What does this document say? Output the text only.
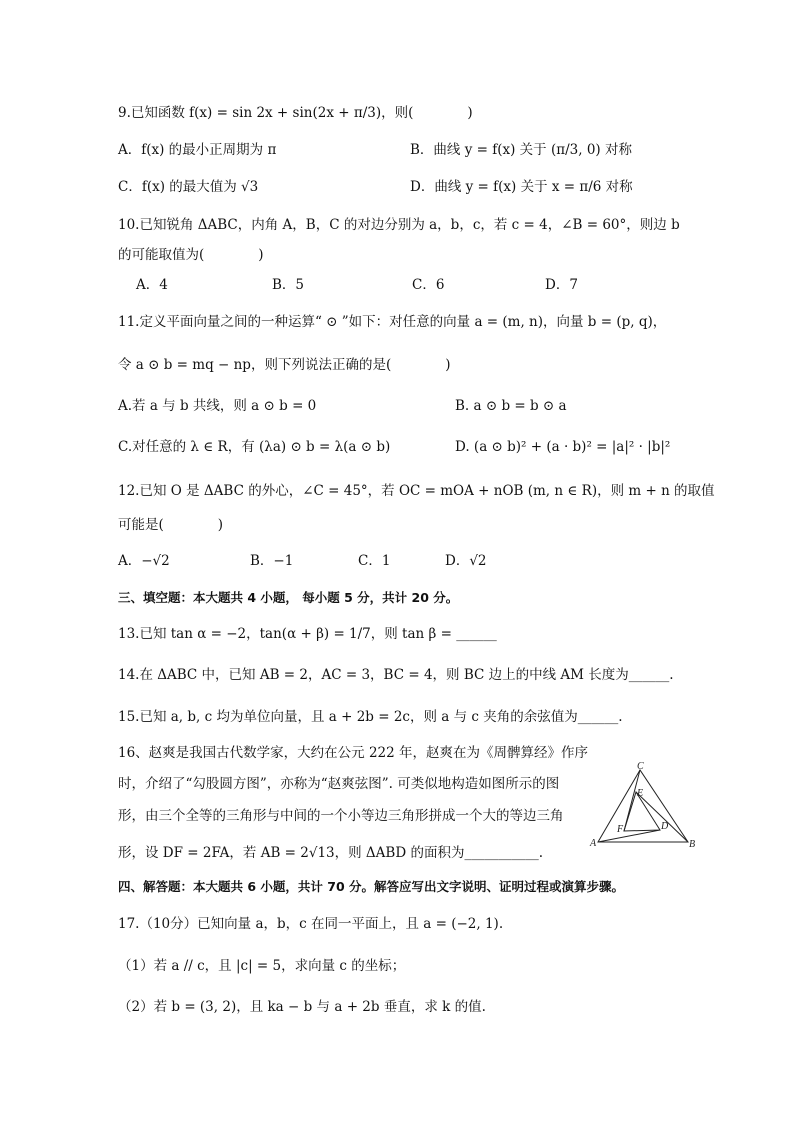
9.已知函数 f(x) = sin 2x + sin(2x + π/3)，则(　　　　)
A．f(x) 的最小正周期为 π	B．曲线 y = f(x) 关于 (π/3, 0) 对称
C．f(x) 的最大值为 √3	D．曲线 y = f(x) 关于 x = π/6 对称
10.已知锐角 ΔABC，内角 A，B，C 的对边分别为 a，b，c，若 c = 4，∠B = 60°，则边 b
的可能取值为(　　　　)
A．4	B．5	C．6	D．7
11.定义平面向量之间的一种运算“ ⊙ ”如下：对任意的向量 a = (m, n)，向量 b = (p, q)，
令 a ⊙ b = mq − np，则下列说法正确的是(　　　　)
A.若 a 与 b 共线，则 a ⊙ b = 0	B. a ⊙ b = b ⊙ a
C.对任意的 λ ∈ R，有 (λa) ⊙ b = λ(a ⊙ b)	D. (a ⊙ b)² + (a · b)² = |a|² · |b|²
12.已知 O 是 ΔABC 的外心，∠C = 45°，若 OC = mOA + nOB (m, n ∈ R)，则 m + n 的取值
可能是(　　　　)
A．−√2	B．−1	C．1	D．√2
三、填空题：本大题共 4 小题， 每小题 5 分，共计 20 分。
13.已知 tan α = −2，tan(α + β) = 1/7，则 tan β = ______
14.在 ΔABC 中，已知 AB = 2，AC = 3，BC = 4，则 BC 边上的中线 AM 长度为______.
15.已知 a, b, c 均为单位向量，且 a + 2b = 2c，则 a 与 c 夹角的余弦值为______.
16、赵爽是我国古代数学家，大约在公元 222 年，赵爽在为《周髀算经》作序
时，介绍了“勾股圆方图”，亦称为“赵爽弦图”. 可类似地构造如图所示的图
形，由三个全等的三角形与中间的一个小等边三角形拼成一个大的等边三角
形，设 DF = 2FA，若 AB = 2√13，则 ΔABD 的面积为___________.
C
E
F	D
A	B
四、解答题：本大题共 6 小题，共计 70 分。解答应写出文字说明、证明过程或演算步骤。
17.（10分）已知向量 a，b，c 在同一平面上，且 a = (−2, 1).
（1）若 a // c，且 |c| = 5，求向量 c 的坐标；
（2）若 b = (3, 2)，且 ka − b 与 a + 2b 垂直，求 k 的值.
